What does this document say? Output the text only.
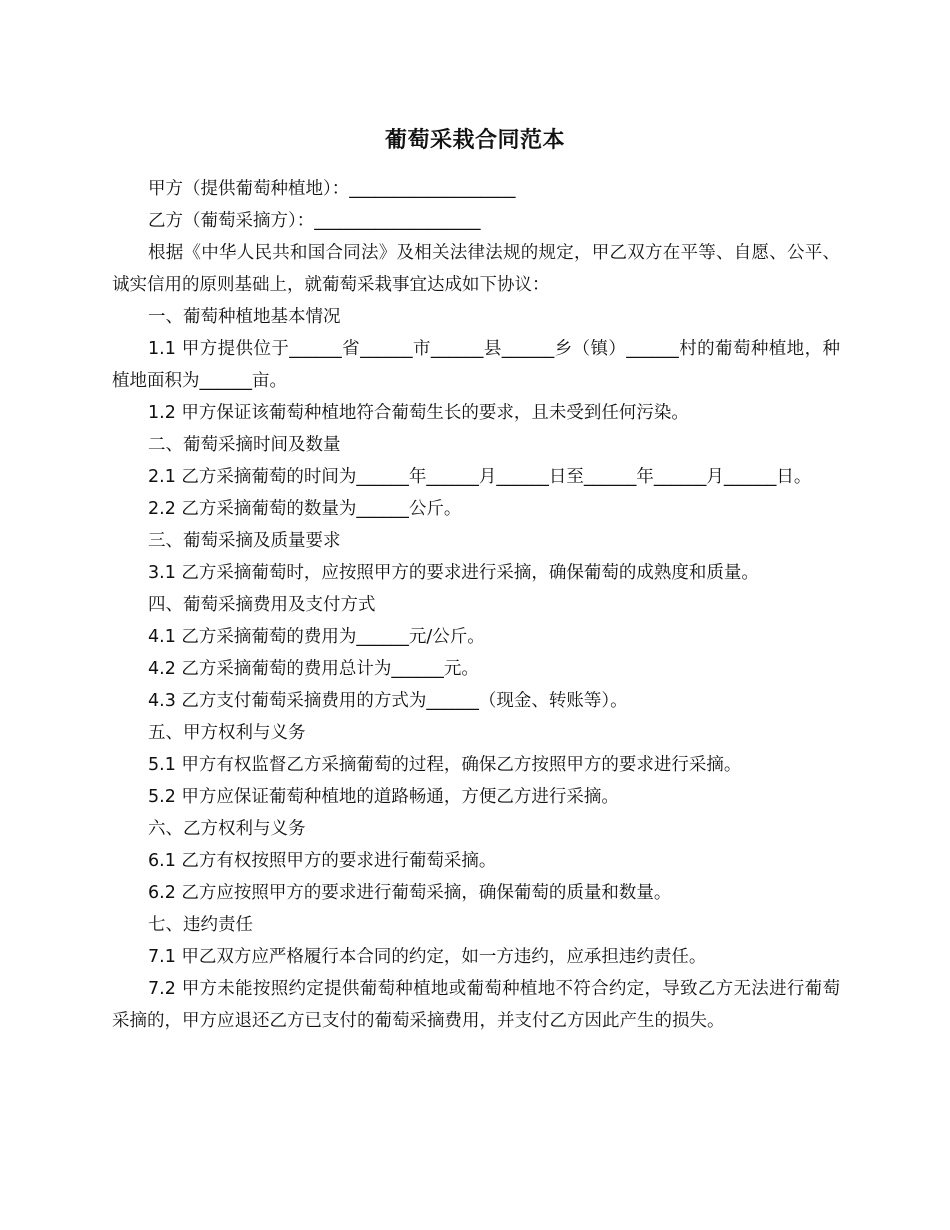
葡萄采栽合同范本

甲方（提供葡萄种植地）：___________________

乙方（葡萄采摘方）：___________________

根据《中华人民共和国合同法》及相关法律法规的规定，甲乙双方在平等、自愿、公平、诚实信用的原则基础上，就葡萄采栽事宜达成如下协议：

一、葡萄种植地基本情况

1.1 甲方提供位于______省______市______县______乡（镇）______村的葡萄种植地，种植地面积为______亩。

1.2 甲方保证该葡萄种植地符合葡萄生长的要求，且未受到任何污染。

二、葡萄采摘时间及数量

2.1 乙方采摘葡萄的时间为______年______月______日至______年______月______日。

2.2 乙方采摘葡萄的数量为______公斤。

三、葡萄采摘及质量要求

3.1 乙方采摘葡萄时，应按照甲方的要求进行采摘，确保葡萄的成熟度和质量。

四、葡萄采摘费用及支付方式

4.1 乙方采摘葡萄的费用为______元/公斤。

4.2 乙方采摘葡萄的费用总计为______元。

4.3 乙方支付葡萄采摘费用的方式为______（现金、转账等）。

五、甲方权利与义务

5.1 甲方有权监督乙方采摘葡萄的过程，确保乙方按照甲方的要求进行采摘。

5.2 甲方应保证葡萄种植地的道路畅通，方便乙方进行采摘。

六、乙方权利与义务

6.1 乙方有权按照甲方的要求进行葡萄采摘。

6.2 乙方应按照甲方的要求进行葡萄采摘，确保葡萄的质量和数量。

七、违约责任

7.1 甲乙双方应严格履行本合同的约定，如一方违约，应承担违约责任。

7.2 甲方未能按照约定提供葡萄种植地或葡萄种植地不符合约定，导致乙方无法进行葡萄采摘的，甲方应退还乙方已支付的葡萄采摘费用，并支付乙方因此产生的损失。
